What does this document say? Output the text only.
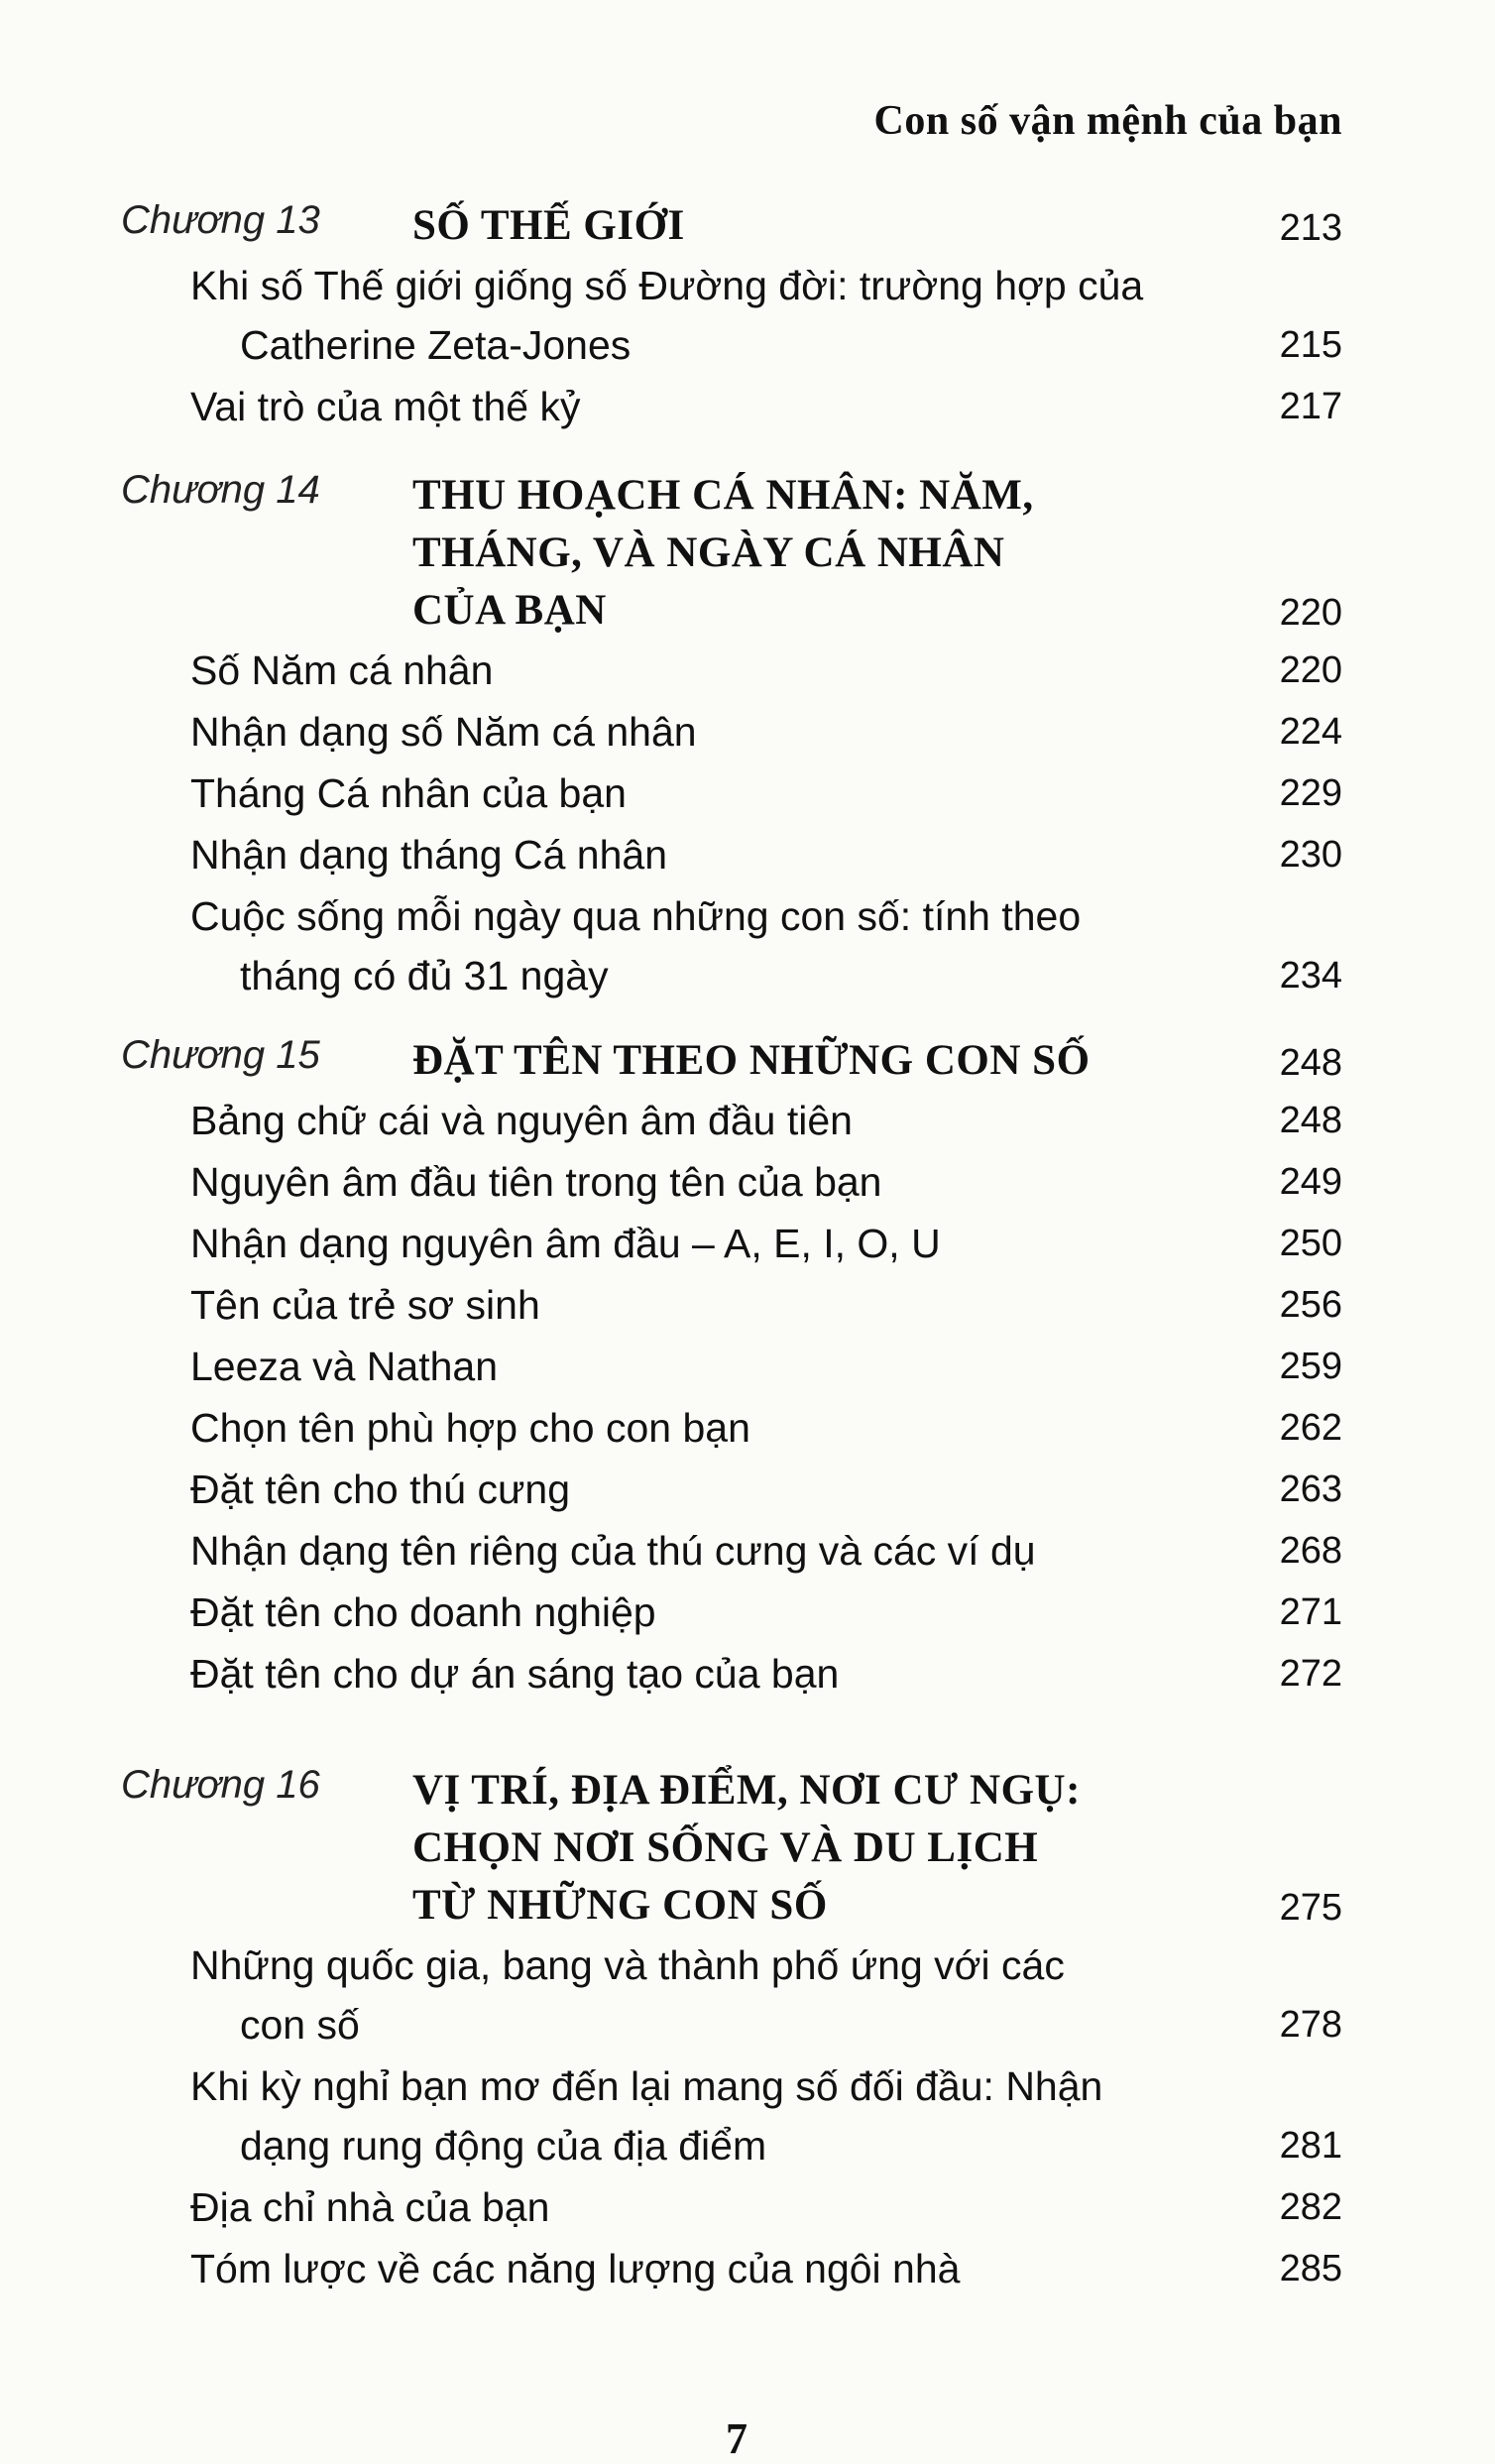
Con số vận mệnh của bạn
Chương 13 SỐ THẾ GIỚI	213
Khi số Thế giới giống số Đường đời: trường hợp của
Catherine Zeta-Jones	215
Vai trò của một thế kỷ	217
Chương 14 THU HOẠCH CÁ NHÂN: NĂM,
THÁNG, VÀ NGÀY CÁ NHÂN
CỦA BẠN	220
Số Năm cá nhân	220
Nhận dạng số Năm cá nhân	224
Tháng Cá nhân của bạn	229
Nhận dạng tháng Cá nhân	230
Cuộc sống mỗi ngày qua những con số: tính theo
tháng có đủ 31 ngày	234
Chương 15 ĐẶT TÊN THEO NHỮNG CON SỐ	248
Bảng chữ cái và nguyên âm đầu tiên	248
Nguyên âm đầu tiên trong tên của bạn	249
Nhận dạng nguyên âm đầu – A, E, I, O, U	250
Tên của trẻ sơ sinh	256
Leeza và Nathan	259
Chọn tên phù hợp cho con bạn	262
Đặt tên cho thú cưng	263
Nhận dạng tên riêng của thú cưng và các ví dụ	268
Đặt tên cho doanh nghiệp	271
Đặt tên cho dự án sáng tạo của bạn	272
Chương 16 VỊ TRÍ, ĐỊA ĐIỂM, NƠI CƯ NGỤ:
CHỌN NƠI SỐNG VÀ DU LỊCH
TỪ NHỮNG CON SỐ	275
Những quốc gia, bang và thành phố ứng với các
con số	278
Khi kỳ nghỉ bạn mơ đến lại mang số đối đầu: Nhận
dạng rung động của địa điểm	281
Địa chỉ nhà của bạn	282
Tóm lược về các năng lượng của ngôi nhà	285
7
